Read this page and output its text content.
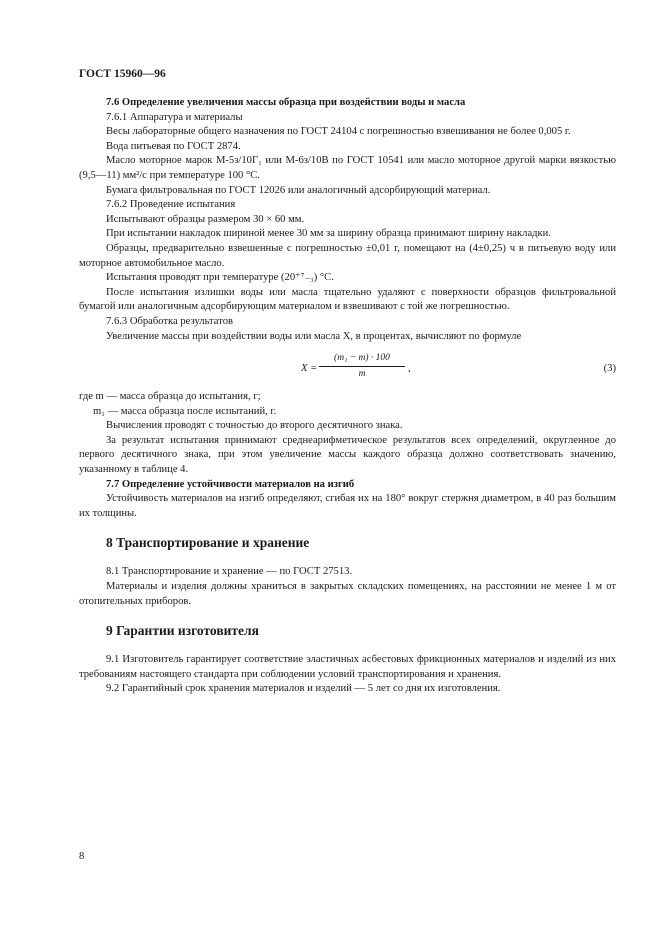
ГОСТ 15960—96

7.6 Определение увеличения массы образца при воздействии воды и масла

7.6.1 Аппаратура и материалы

Весы лабораторные общего назначения по ГОСТ 24104 с погрешностью взвешивания не более 0,005 г.

Вода питьевая по ГОСТ 2874.

Масло моторное марок М-5з/10Г₁ или М-6з/10В по ГОСТ 10541 или масло моторное другой марки вязкостью (9,5—11) мм²/с при температуре 100 °С.

Бумага фильтровальная по ГОСТ 12026 или аналогичный адсорбирующий материал.

7.6.2 Проведение испытания

Испытывают образцы размером 30 × 60 мм.

При испытании накладок шириной менее 30 мм за ширину образца принимают ширину накладки.

Образцы, предварительно взвешенные с погрешностью ±0,01 г, помещают на (4±0,25) ч в питьевую воду или моторное автомобильное масло.

Испытания проводят при температуре (20⁺⁷₋₃) °С.

После испытания излишки воды или масла тщательно удаляют с поверхности образцов фильтровальной бумагой или аналогичным адсорбирующим материалом и взвешивают с той же погрешностью.

7.6.3 Обработка результатов

Увеличение массы при воздействии воды или масла X, в процентах, вычисляют по формуле

$X = \frac{\text{(m₁ − m) · 100}}{m}$ ,	(3)

где m — масса образца до испытания, г;

m₁ — масса образца после испытаний, г.

Вычисления проводят с точностью до второго десятичного знака.

За результат испытания принимают среднеарифметическое результатов всех определений, округленное до первого десятичного знака, при этом увеличение массы каждого образца должно соответствовать значению, указанному в таблице 4.

7.7 Определение устойчивости материалов на изгиб

Устойчивость материалов на изгиб определяют, сгибая их на 180° вокруг стержня диаметром, в 40 раз большим их толщины.

8 Транспортирование и хранение

8.1 Транспортирование и хранение — по ГОСТ 27513.

Материалы и изделия должны храниться в закрытых складских помещениях, на расстоянии не менее 1 м от отопительных приборов.

9 Гарантии изготовителя

9.1 Изготовитель гарантирует соответствие эластичных асбестовых фрикционных материалов и изделий из них требованиям настоящего стандарта при соблюдении условий транспортирования и хранения.

9.2 Гарантийный срок хранения материалов и изделий — 5 лет со дня их изготовления.

8
